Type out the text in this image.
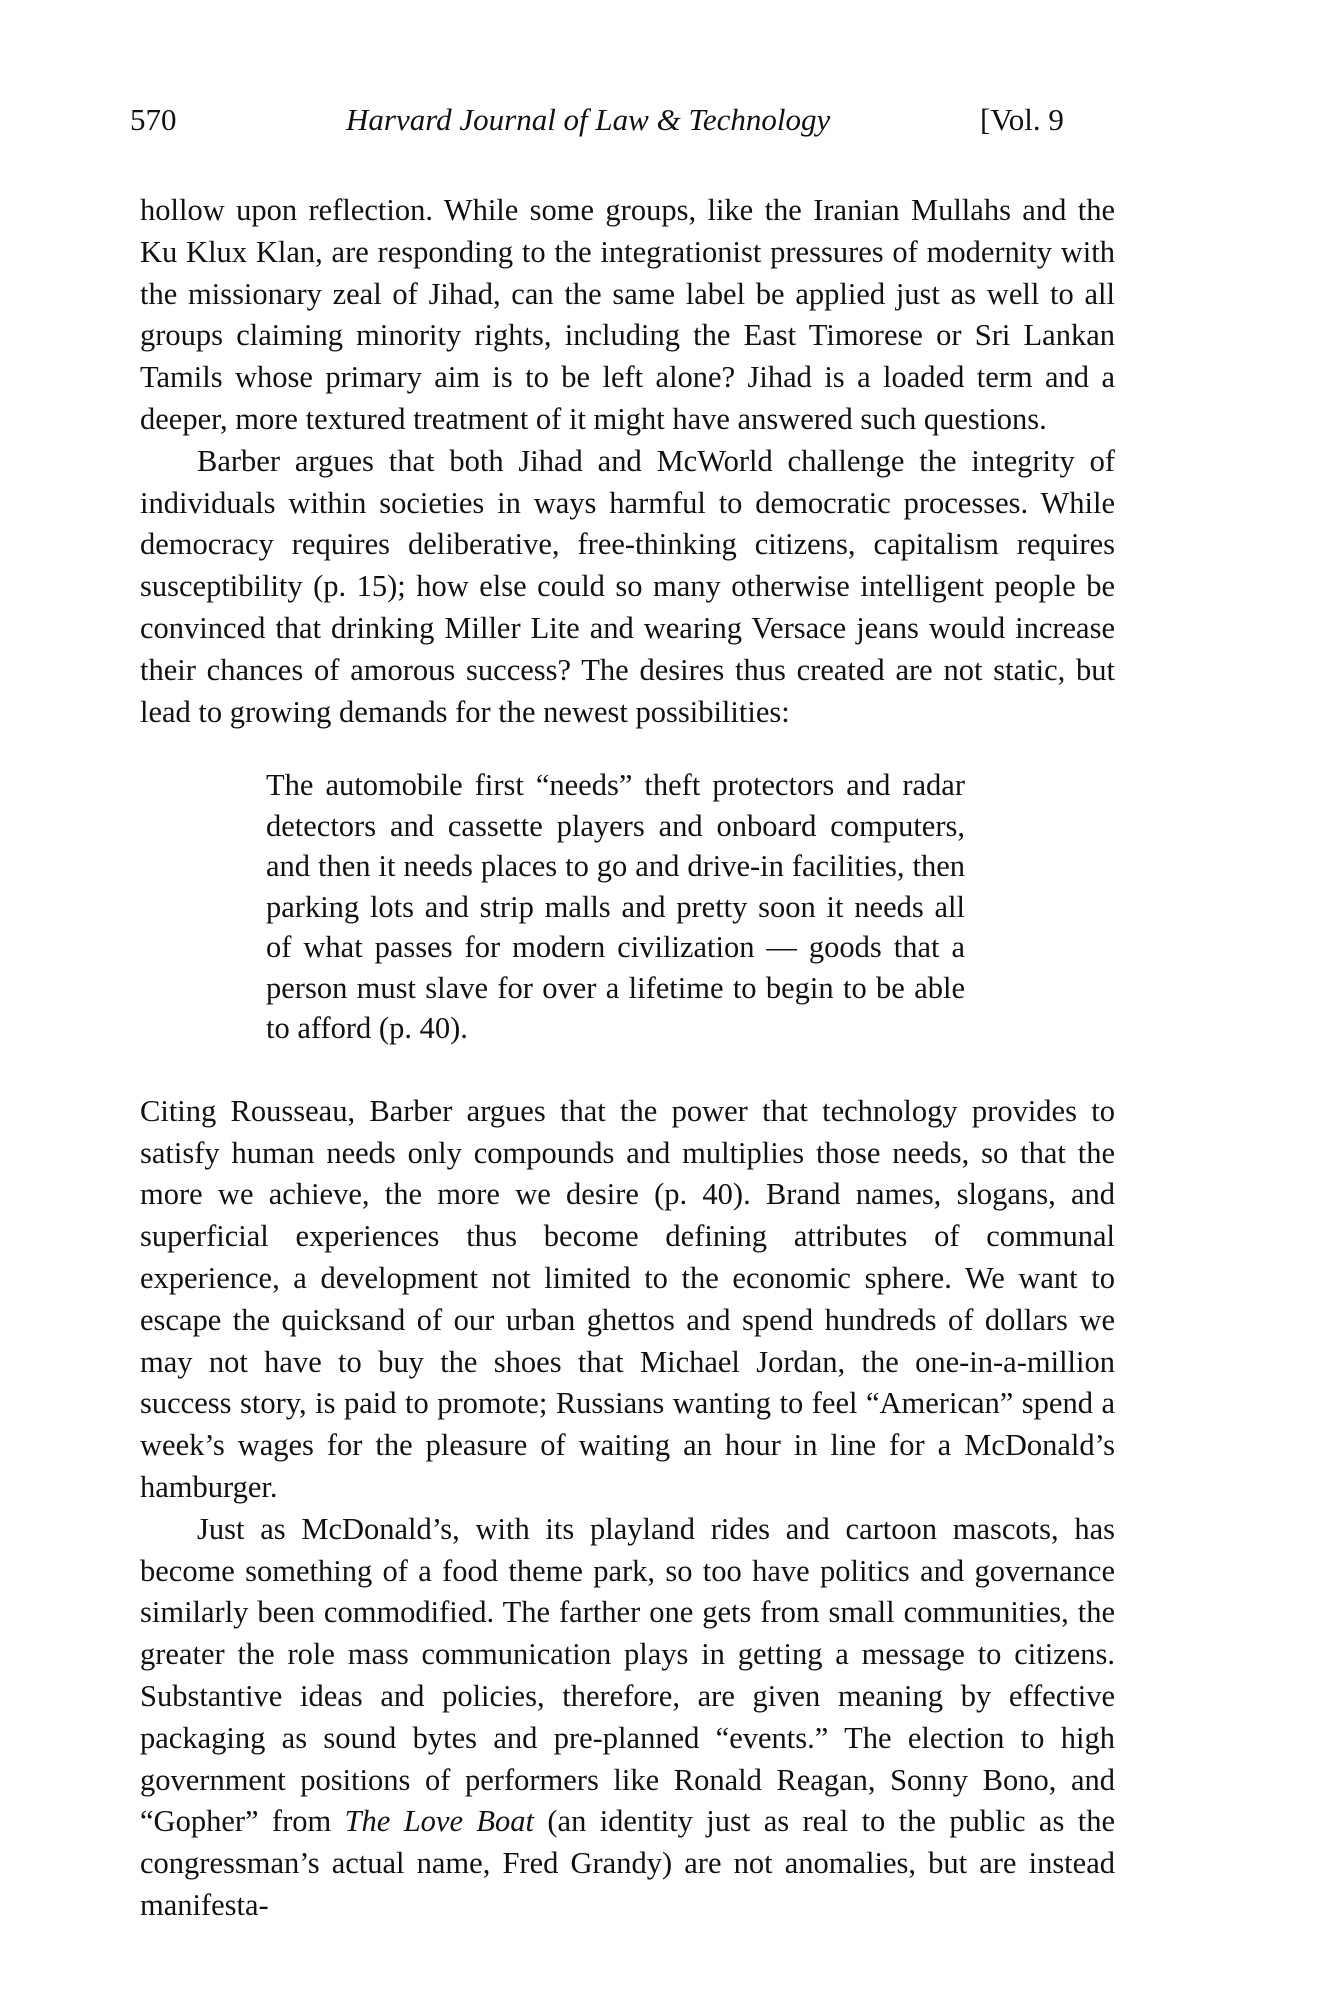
570	Harvard Journal of Law & Technology	[Vol. 9

hollow upon reflection. While some groups, like the Iranian Mullahs and the Ku Klux Klan, are responding to the integrationist pressures of modernity with the missionary zeal of Jihad, can the same label be applied just as well to all groups claiming minority rights, including the East Timorese or Sri Lankan Tamils whose primary aim is to be left alone? Jihad is a loaded term and a deeper, more textured treatment of it might have answered such questions.

Barber argues that both Jihad and McWorld challenge the integrity of individuals within societies in ways harmful to democratic processes. While democracy requires deliberative, free-thinking citizens, capitalism requires susceptibility (p. 15); how else could so many otherwise intelligent people be convinced that drinking Miller Lite and wearing Versace jeans would increase their chances of amorous success? The desires thus created are not static, but lead to growing demands for the newest possibilities:

The automobile first “needs” theft protectors and radar detectors and cassette players and onboard computers, and then it needs places to go and drive-in facilities, then parking lots and strip malls and pretty soon it needs all of what passes for modern civilization — goods that a person must slave for over a lifetime to begin to be able to afford (p. 40).

Citing Rousseau, Barber argues that the power that technology provides to satisfy human needs only compounds and multiplies those needs, so that the more we achieve, the more we desire (p. 40). Brand names, slogans, and superficial experiences thus become defining attributes of communal experience, a development not limited to the economic sphere. We want to escape the quicksand of our urban ghettos and spend hundreds of dollars we may not have to buy the shoes that Michael Jordan, the one-in-a-million success story, is paid to promote; Russians wanting to feel “American” spend a week’s wages for the pleasure of waiting an hour in line for a McDonald’s hamburger.

Just as McDonald’s, with its playland rides and cartoon mascots, has become something of a food theme park, so too have politics and governance similarly been commodified. The farther one gets from small communities, the greater the role mass communication plays in getting a message to citizens. Substantive ideas and policies, therefore, are given meaning by effective packaging as sound bytes and pre-planned “events.” The election to high government positions of performers like Ronald Reagan, Sonny Bono, and “Gopher” from The Love Boat (an identity just as real to the public as the congressman’s actual name, Fred Grandy) are not anomalies, but are instead manifesta-
